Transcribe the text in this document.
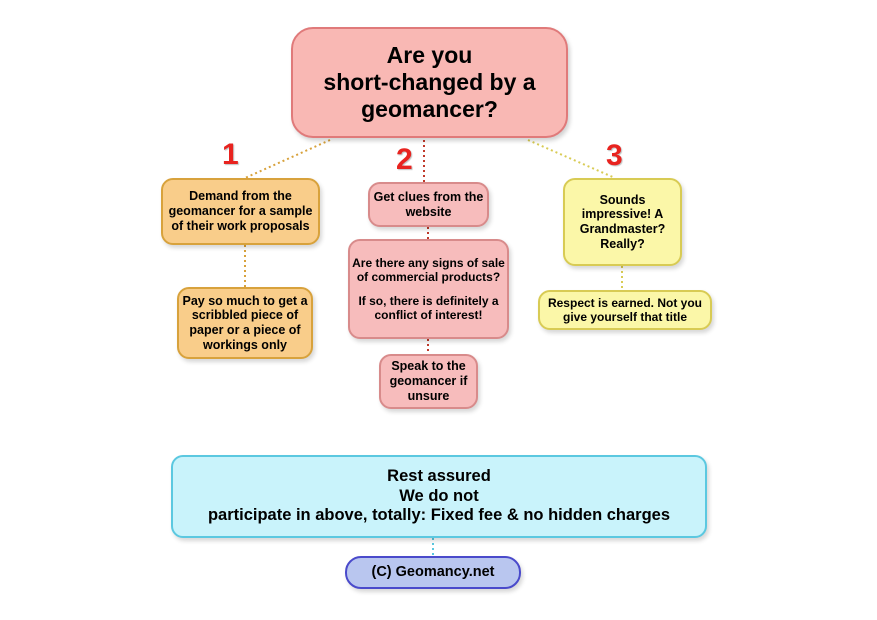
Are you

short-changed by a

geomancer?

1	2	3

Demand from the geomancer for a sample of their work proposals

Pay so much to get a scribbled piece of paper or a piece of workings only

Get clues from the website

Are there any signs of sale of commercial products?

If so, there is definitely a conflict of interest!

Speak to the geomancer if unsure

Sounds impressive! A Grandmaster? Really?

Respect is earned. Not you give yourself that title

Rest assured

We do not

participate in above, totally: Fixed fee & no hidden charges

(C) Geomancy.net
